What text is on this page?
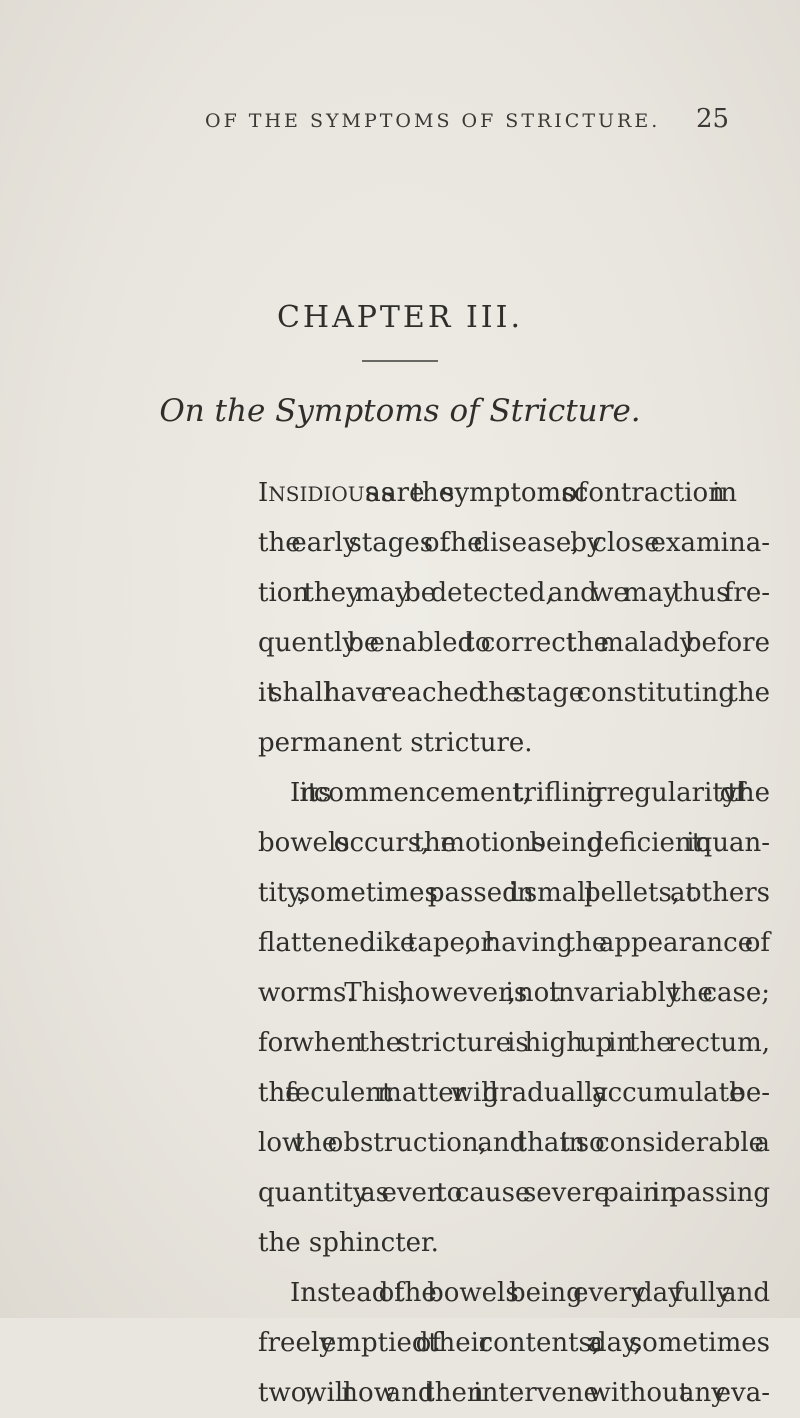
OF THE SYMPTOMS OF STRICTURE. 25
CHAPTER III.
On the Symptoms of Stricture.
INSIDIOUS as are the symptoms of contraction in
the early stages of the disease, by close examina-
tion they may be detected, and we may thus fre-
quently be enabled to correct the malady before
it shall have reached the stage constituting the
permanent stricture.
In its commencement, trifling irregularity of the
bowels occurs, the motions being deficient in quan-
tity, sometimes passed in small pellets, at others
flattened like tape, or having the appearance of
worms. This, however, is not invariably the case;
for when the stricture is high up in the rectum,
the feculent matter will gradually accumulate be-
low the obstruction, and that in so considerable a
quantity as even to cause severe pain in passing
the sphincter.
Instead of the bowels being every day fully and
freely emptied of their contents, a day, sometimes
two, will now and then intervene without any eva-
